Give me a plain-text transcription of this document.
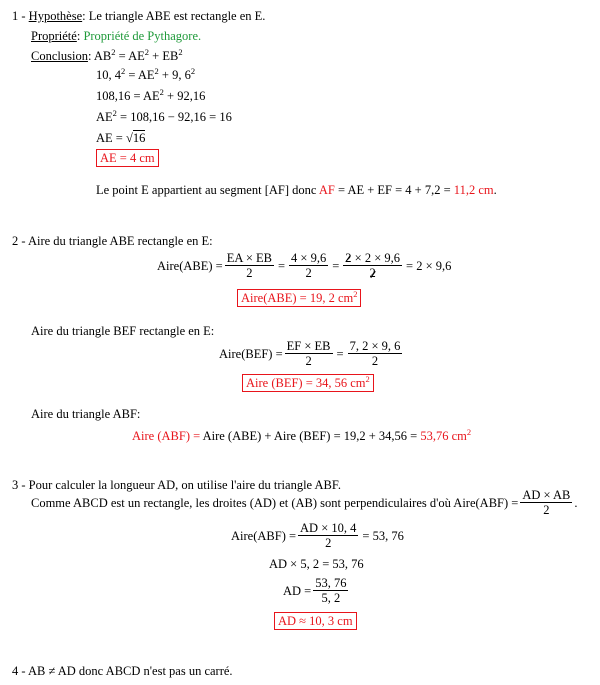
1 - Hypothèse: Le triangle ABE est rectangle en E.
Propriété: Propriété de Pythagore.
Conclusion: $AB^2 = AE^2 + EB^2$
10, $4^2 = AE^2 + 9$, $6^2$
$108,16 = AE^2 + 92,16$
$AE^2 = 108,16 - 92,16 = 16$
AE = √16
AE = 4 cm
Le point E appartient au segment [AF] donc AF = AE + EF = 4 + 7,2 = 11,2 cm.
2 - Aire du triangle ABE rectangle en E:
Aire(ABE) = $\frac{EA \times EB}{2} = \frac{4 \times 9,6}{2} = \frac{2 \times 2 \times 9,6}{2} = 2 \times 9,6$
Aire(ABE) = 19, 2 $cm^2$
Aire du triangle BEF rectangle en E:
Aire(BEF) = $\frac{EF \times EB}{2} = \frac{7, 2 \times 9, 6}{2}$
Aire (BEF) = 34, 56 $cm^2$
Aire du triangle ABF:
Aire (ABF) = Aire (ABE) + Aire (BEF) = 19,2 + 34,56 = 53,76 $cm^2$
3 - Pour calculer la longueur AD, on utilise l'aire du triangle ABF.
Comme ABCD est un rectangle, les droites (AD) et (AB) sont perpendiculaires d'où Aire(ABF) = $\frac{AD \times AB}{2}$ .
Aire(ABF) = $\frac{AD \times 10, 4}{2} = 53$, 76
AD × 5, 2 = 53, 76
AD = $\frac{53, 76}{5, 2}$
AD ≈ 10, 3 cm
4 - AB ≠ AD donc ABCD n'est pas un carré.
